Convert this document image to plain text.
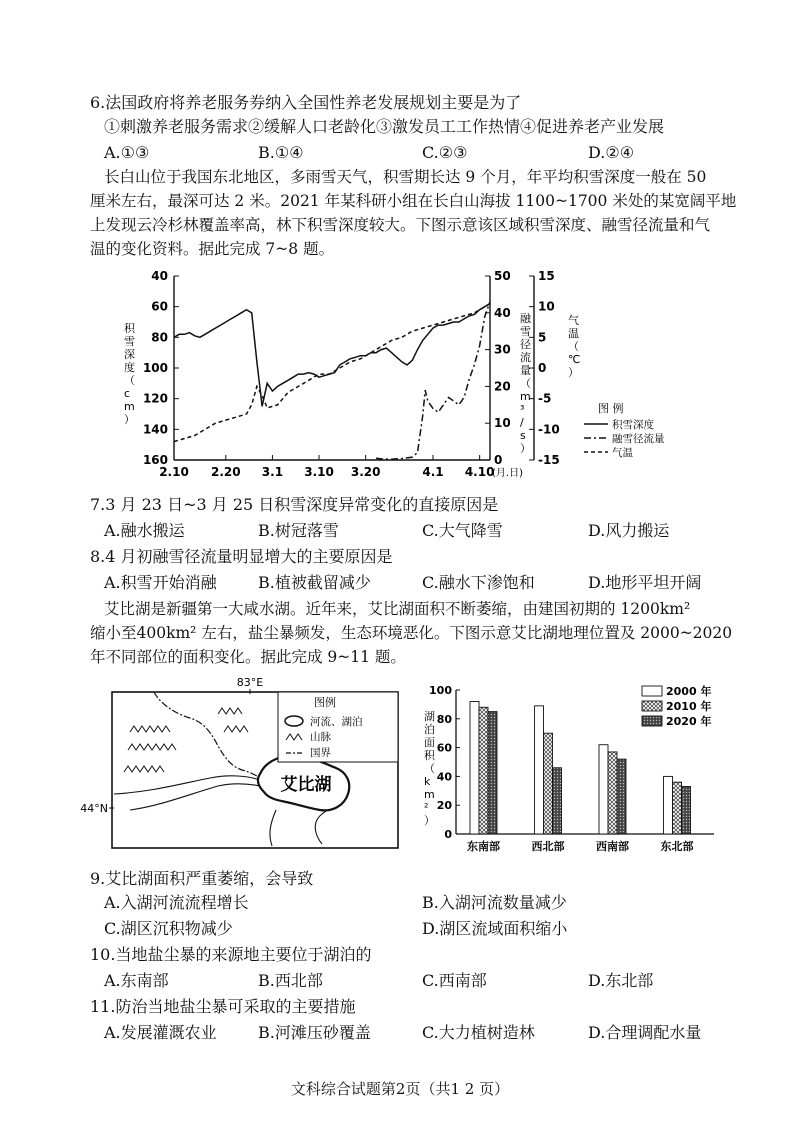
6.法国政府将养老服务券纳入全国性养老发展规划主要是为了
①刺激养老服务需求②缓解人口老龄化③激发员工工作热情④促进养老产业发展
A.①③	B.①④	C.②③	D.②④
长白山位于我国东北地区，多雨雪天气，积雪期长达 9 个月，年平均积雪深度一般在 50
厘米左右，最深可达 2 米。2021 年某科研小组在长白山海拔 1100~1700 米处的某宽阔平地
上发现云冷杉林覆盖率高，林下积雪深度较大。下图示意该区域积雪深度、融雪径流量和气
温的变化资料。据此完成 7~8 题。
40
60
80
100
120
140
160	0
10
20
30
40
50
-15
-10
-5
0
5
10
15
2.10 2.20 3.1 3.10 3.20	4.1 4.10
(月.日)
积雪深度（ c m ）
融雪径流量（ m ³ / s ）
气温（℃）
图 例
积雪深度
融雪径流量
气温
7.3 月 23 日~3 月 25 日积雪深度异常变化的直接原因是
A.融水搬运	B.树冠落雪	C.大气降雪	D.风力搬运
8.4 月初融雪径流量明显增大的主要原因是
A.积雪开始消融	B.植被截留减少	C.融水下渗饱和	D.地形平坦开阔
艾比湖是新疆第一大咸水湖。近年来，艾比湖面积不断萎缩，由建国初期的 1200km²
缩小至400km² 左右，盐尘暴频发，生态环境恶化。下图示意艾比湖地理位置及 2000~2020
年不同部位的面积变化。据此完成 9~11 题。
83°E
44°N
艾比湖
图例
河流、湖泊
山脉
国界
0
20
40
60
80
100
湖泊面积（ k m ² ）
东南部	西北部	西南部	东北部
2000 年
2010 年
2020 年
9.艾比湖面积严重萎缩，会导致
A.入湖河流流程增长	B.入湖河流数量减少
C.湖区沉积物减少	D.湖区流域面积缩小
10.当地盐尘暴的来源地主要位于湖泊的
A.东南部	B.西北部	C.西南部	D.东北部
11.防治当地盐尘暴可采取的主要措施
A.发展灌溉农业	B.河滩压砂覆盖	C.大力植树造林	D.合理调配水量
文科综合试题第2页（共1 2 页）
